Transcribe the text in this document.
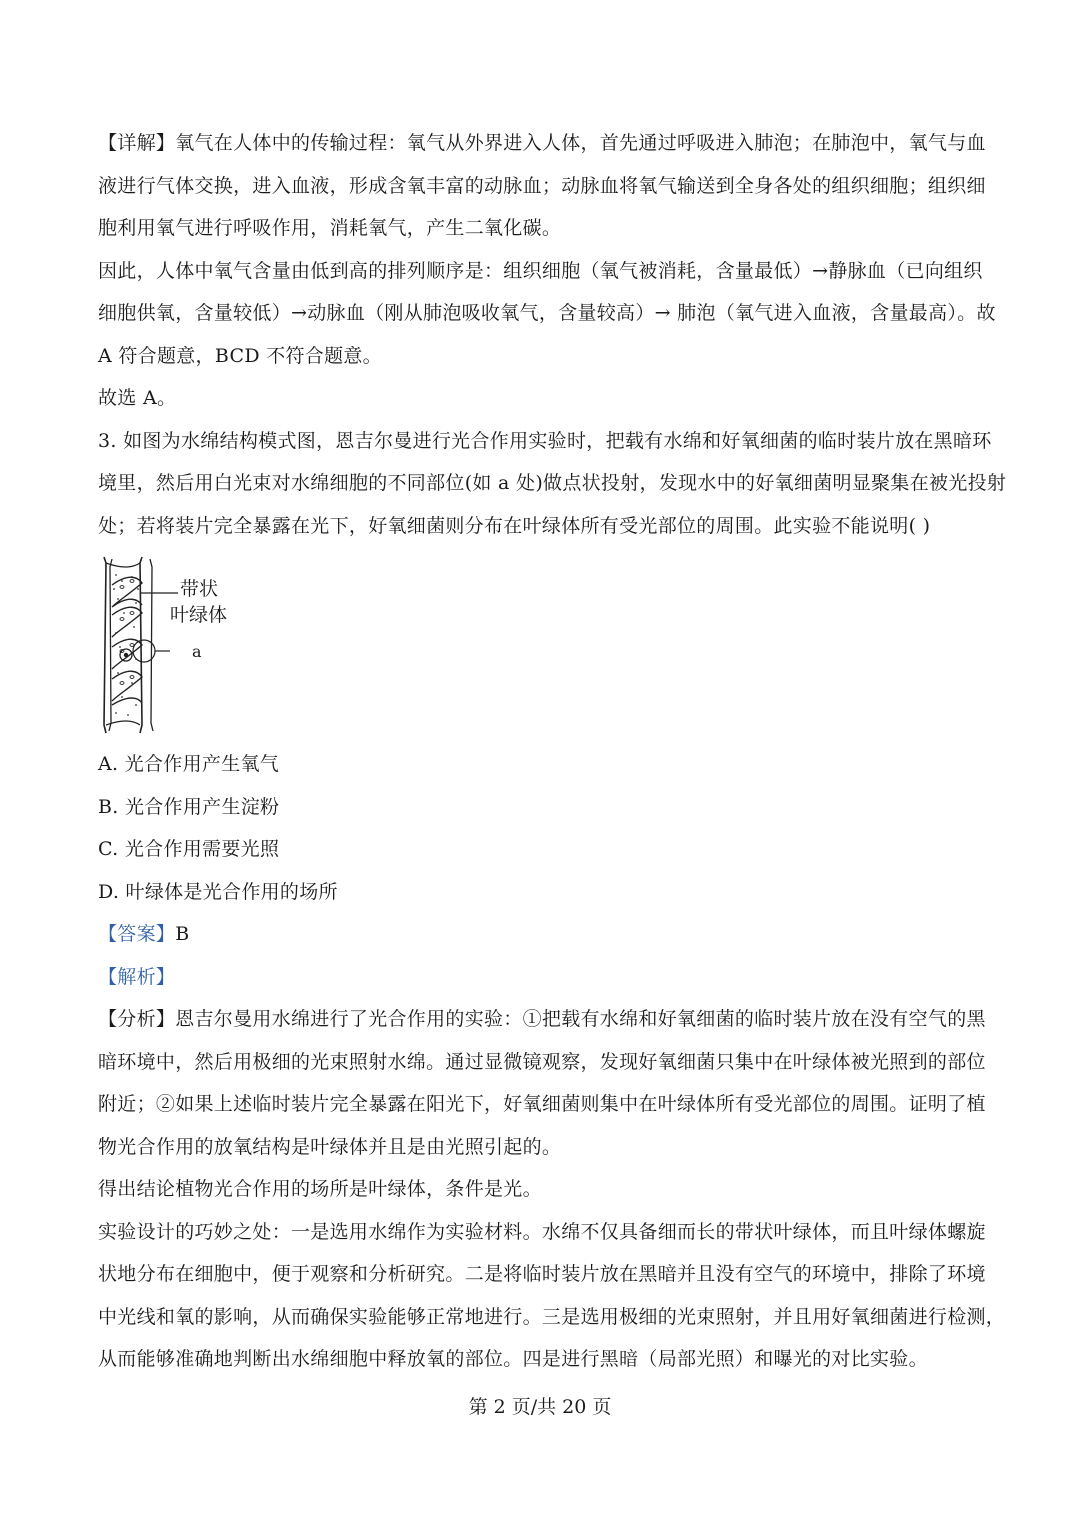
【详解】氧气在人体中的传输过程：氧气从外界进入人体，首先通过呼吸进入肺泡；在肺泡中，氧气与血
液进行气体交换，进入血液，形成含氧丰富的动脉血；动脉血将氧气输送到全身各处的组织细胞；组织细
胞利用氧气进行呼吸作用，消耗氧气，产生二氧化碳。
因此，人体中氧气含量由低到高的排列顺序是：组织细胞（氧气被消耗，含量最低）→静脉血（已向组织
细胞供氧，含量较低）→动脉血（刚从肺泡吸收氧气，含量较高）→ 肺泡（氧气进入血液，含量最高）。故
A 符合题意，BCD 不符合题意。
故选 A。
3. 如图为水绵结构模式图，恩吉尔曼进行光合作用实验时，把载有水绵和好氧细菌的临时装片放在黑暗环
境里，然后用白光束对水绵细胞的不同部位(如 a 处)做点状投射，发现水中的好氧细菌明显聚集在被光投射
处；若将装片完全暴露在光下，好氧细菌则分布在叶绿体所有受光部位的周围。此实验不能说明( )
带状
叶绿体
a
A. 光合作用产生氧气
B. 光合作用产生淀粉
C. 光合作用需要光照
D. 叶绿体是光合作用的场所
【答案】B
【解析】
【分析】恩吉尔曼用水绵进行了光合作用的实验：①把载有水绵和好氧细菌的临时装片放在没有空气的黑
暗环境中，然后用极细的光束照射水绵。通过显微镜观察，发现好氧细菌只集中在叶绿体被光照到的部位
附近；②如果上述临时装片完全暴露在阳光下，好氧细菌则集中在叶绿体所有受光部位的周围。证明了植
物光合作用的放氧结构是叶绿体并且是由光照引起的。
得出结论植物光合作用的场所是叶绿体，条件是光。
实验设计的巧妙之处：一是选用水绵作为实验材料。水绵不仅具备细而长的带状叶绿体，而且叶绿体螺旋
状地分布在细胞中，便于观察和分析研究。二是将临时装片放在黑暗并且没有空气的环境中，排除了环境
中光线和氧的影响，从而确保实验能够正常地进行。三是选用极细的光束照射，并且用好氧细菌进行检测，
从而能够准确地判断出水绵细胞中释放氧的部位。四是进行黑暗（局部光照）和曝光的对比实验。
第 2 页/共 20 页
